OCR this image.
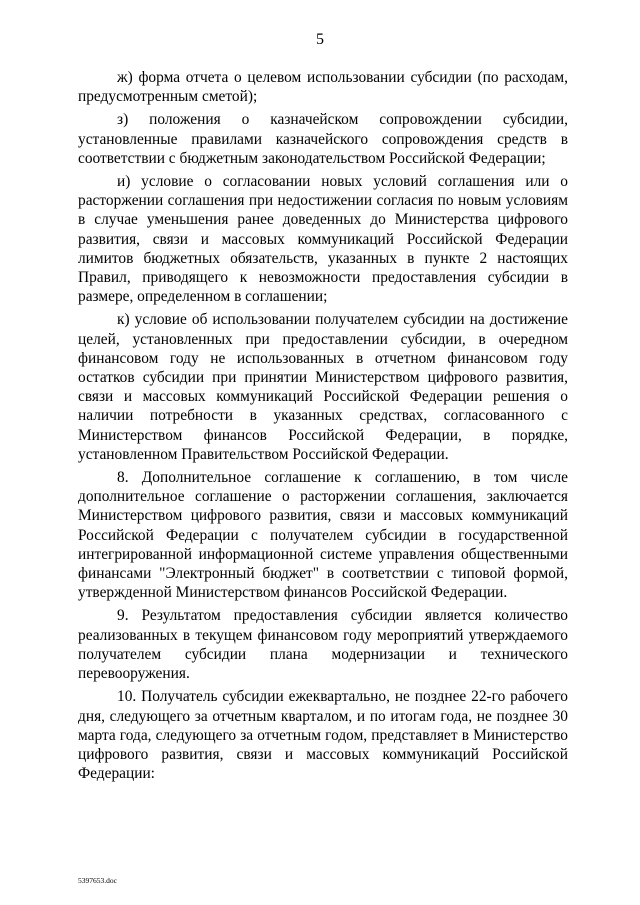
5

ж) форма отчета о целевом использовании субсидии (по расходам, предусмотренным сметой);

з) положения о казначейском сопровождении субсидии, установленные правилами казначейского сопровождения средств в соответствии с бюджетным законодательством Российской Федерации;

и) условие о согласовании новых условий соглашения или о расторжении соглашения при недостижении согласия по новым условиям в случае уменьшения ранее доведенных до Министерства цифрового развития, связи и массовых коммуникаций Российской Федерации лимитов бюджетных обязательств, указанных в пункте 2 настоящих Правил, приводящего к невозможности предоставления субсидии в размере, определенном в соглашении;

к) условие об использовании получателем субсидии на достижение целей, установленных при предоставлении субсидии, в очередном финансовом году не использованных в отчетном финансовом году остатков субсидии при принятии Министерством цифрового развития, связи и массовых коммуникаций Российской Федерации решения о наличии потребности в указанных средствах, согласованного с Министерством финансов Российской Федерации, в порядке, установленном Правительством Российской Федерации.

8. Дополнительное соглашение к соглашению, в том числе дополнительное соглашение о расторжении соглашения, заключается Министерством цифрового развития, связи и массовых коммуникаций Российской Федерации с получателем субсидии в государственной интегрированной информационной системе управления общественными финансами "Электронный бюджет" в соответствии с типовой формой, утвержденной Министерством финансов Российской Федерации.

9. Результатом предоставления субсидии является количество реализованных в текущем финансовом году мероприятий утверждаемого получателем субсидии плана модернизации и технического перевооружения.

10. Получатель субсидии ежеквартально, не позднее 22-го рабочего дня, следующего за отчетным кварталом, и по итогам года, не позднее 30 марта года, следующего за отчетным годом, представляет в Министерство цифрового развития, связи и массовых коммуникаций Российской Федерации:

5397653.doc
